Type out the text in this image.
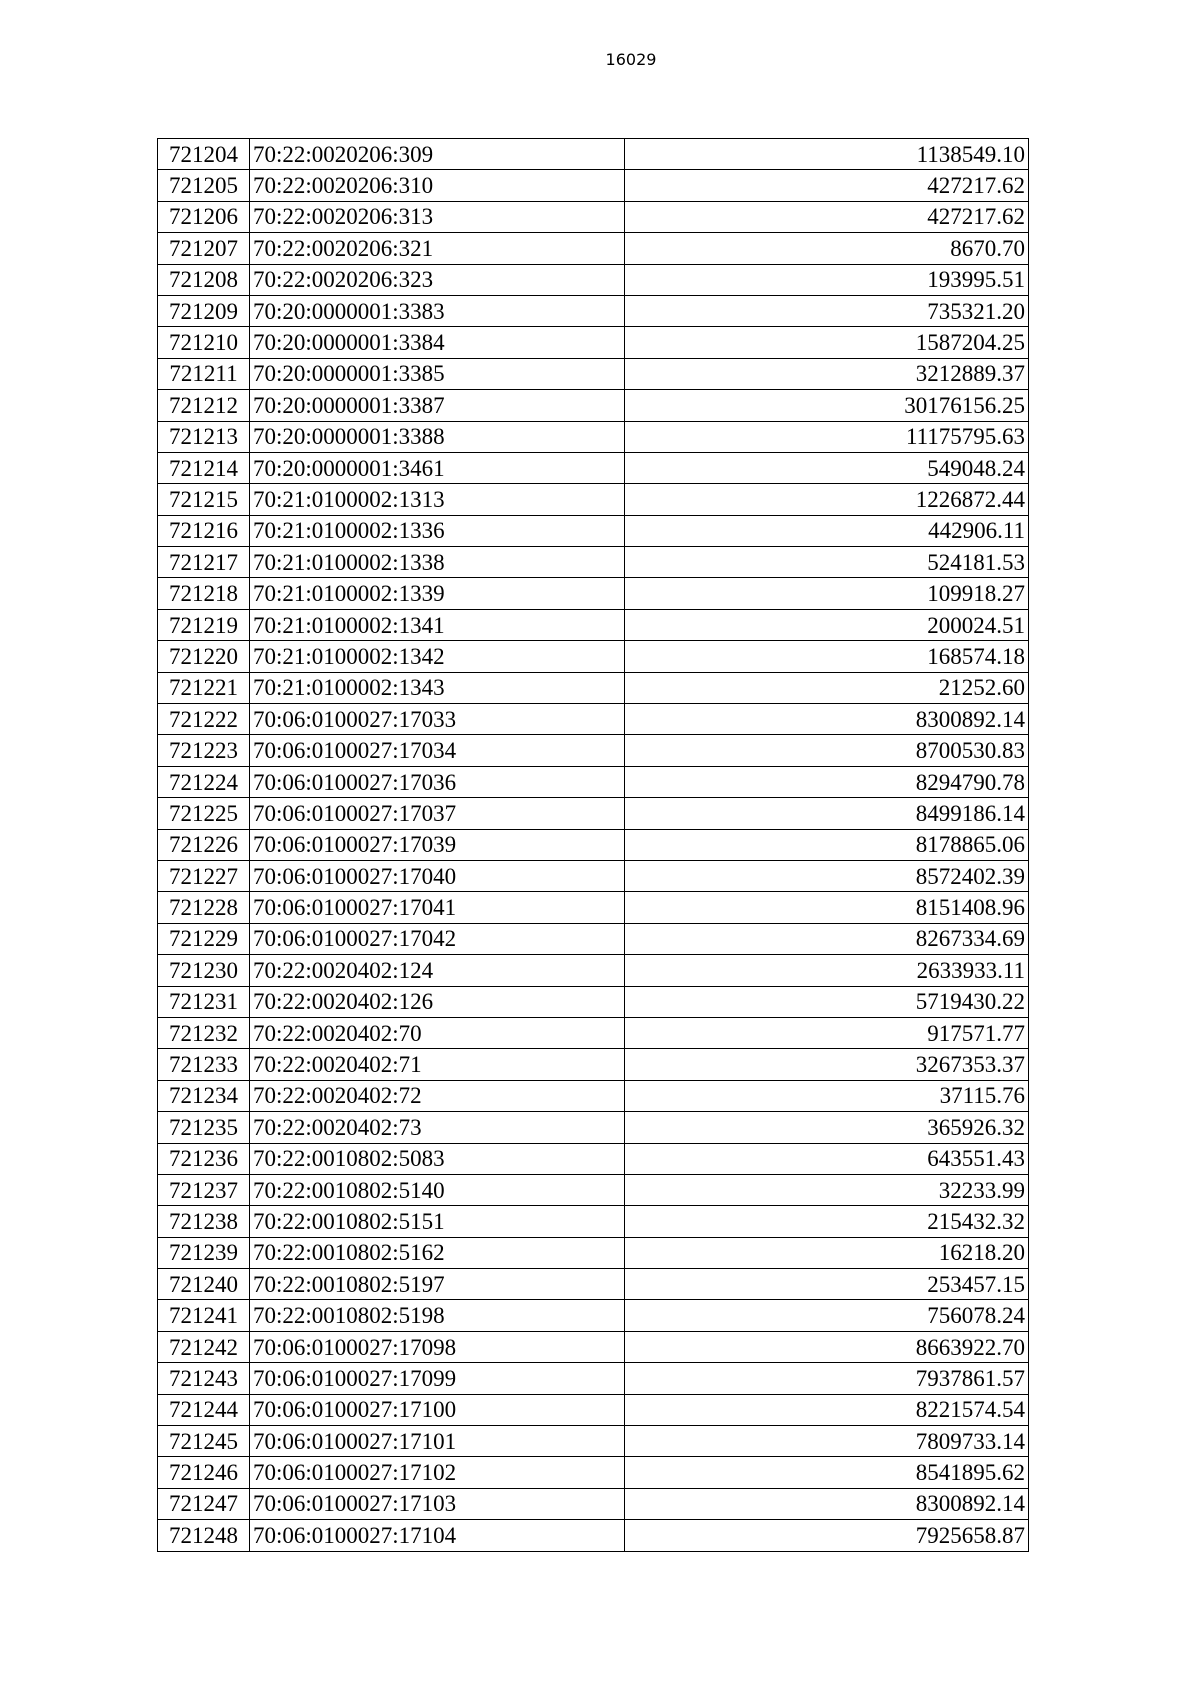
16029
721204	70:22:0020206:309	1138549.10
721205	70:22:0020206:310	427217.62
721206	70:22:0020206:313	427217.62
721207	70:22:0020206:321	8670.70
721208	70:22:0020206:323	193995.51
721209	70:20:0000001:3383	735321.20
721210	70:20:0000001:3384	1587204.25
721211	70:20:0000001:3385	3212889.37
721212	70:20:0000001:3387	30176156.25
721213	70:20:0000001:3388	11175795.63
721214	70:20:0000001:3461	549048.24
721215	70:21:0100002:1313	1226872.44
721216	70:21:0100002:1336	442906.11
721217	70:21:0100002:1338	524181.53
721218	70:21:0100002:1339	109918.27
721219	70:21:0100002:1341	200024.51
721220	70:21:0100002:1342	168574.18
721221	70:21:0100002:1343	21252.60
721222	70:06:0100027:17033	8300892.14
721223	70:06:0100027:17034	8700530.83
721224	70:06:0100027:17036	8294790.78
721225	70:06:0100027:17037	8499186.14
721226	70:06:0100027:17039	8178865.06
721227	70:06:0100027:17040	8572402.39
721228	70:06:0100027:17041	8151408.96
721229	70:06:0100027:17042	8267334.69
721230	70:22:0020402:124	2633933.11
721231	70:22:0020402:126	5719430.22
721232	70:22:0020402:70	917571.77
721233	70:22:0020402:71	3267353.37
721234	70:22:0020402:72	37115.76
721235	70:22:0020402:73	365926.32
721236	70:22:0010802:5083	643551.43
721237	70:22:0010802:5140	32233.99
721238	70:22:0010802:5151	215432.32
721239	70:22:0010802:5162	16218.20
721240	70:22:0010802:5197	253457.15
721241	70:22:0010802:5198	756078.24
721242	70:06:0100027:17098	8663922.70
721243	70:06:0100027:17099	7937861.57
721244	70:06:0100027:17100	8221574.54
721245	70:06:0100027:17101	7809733.14
721246	70:06:0100027:17102	8541895.62
721247	70:06:0100027:17103	8300892.14
721248	70:06:0100027:17104	7925658.87
